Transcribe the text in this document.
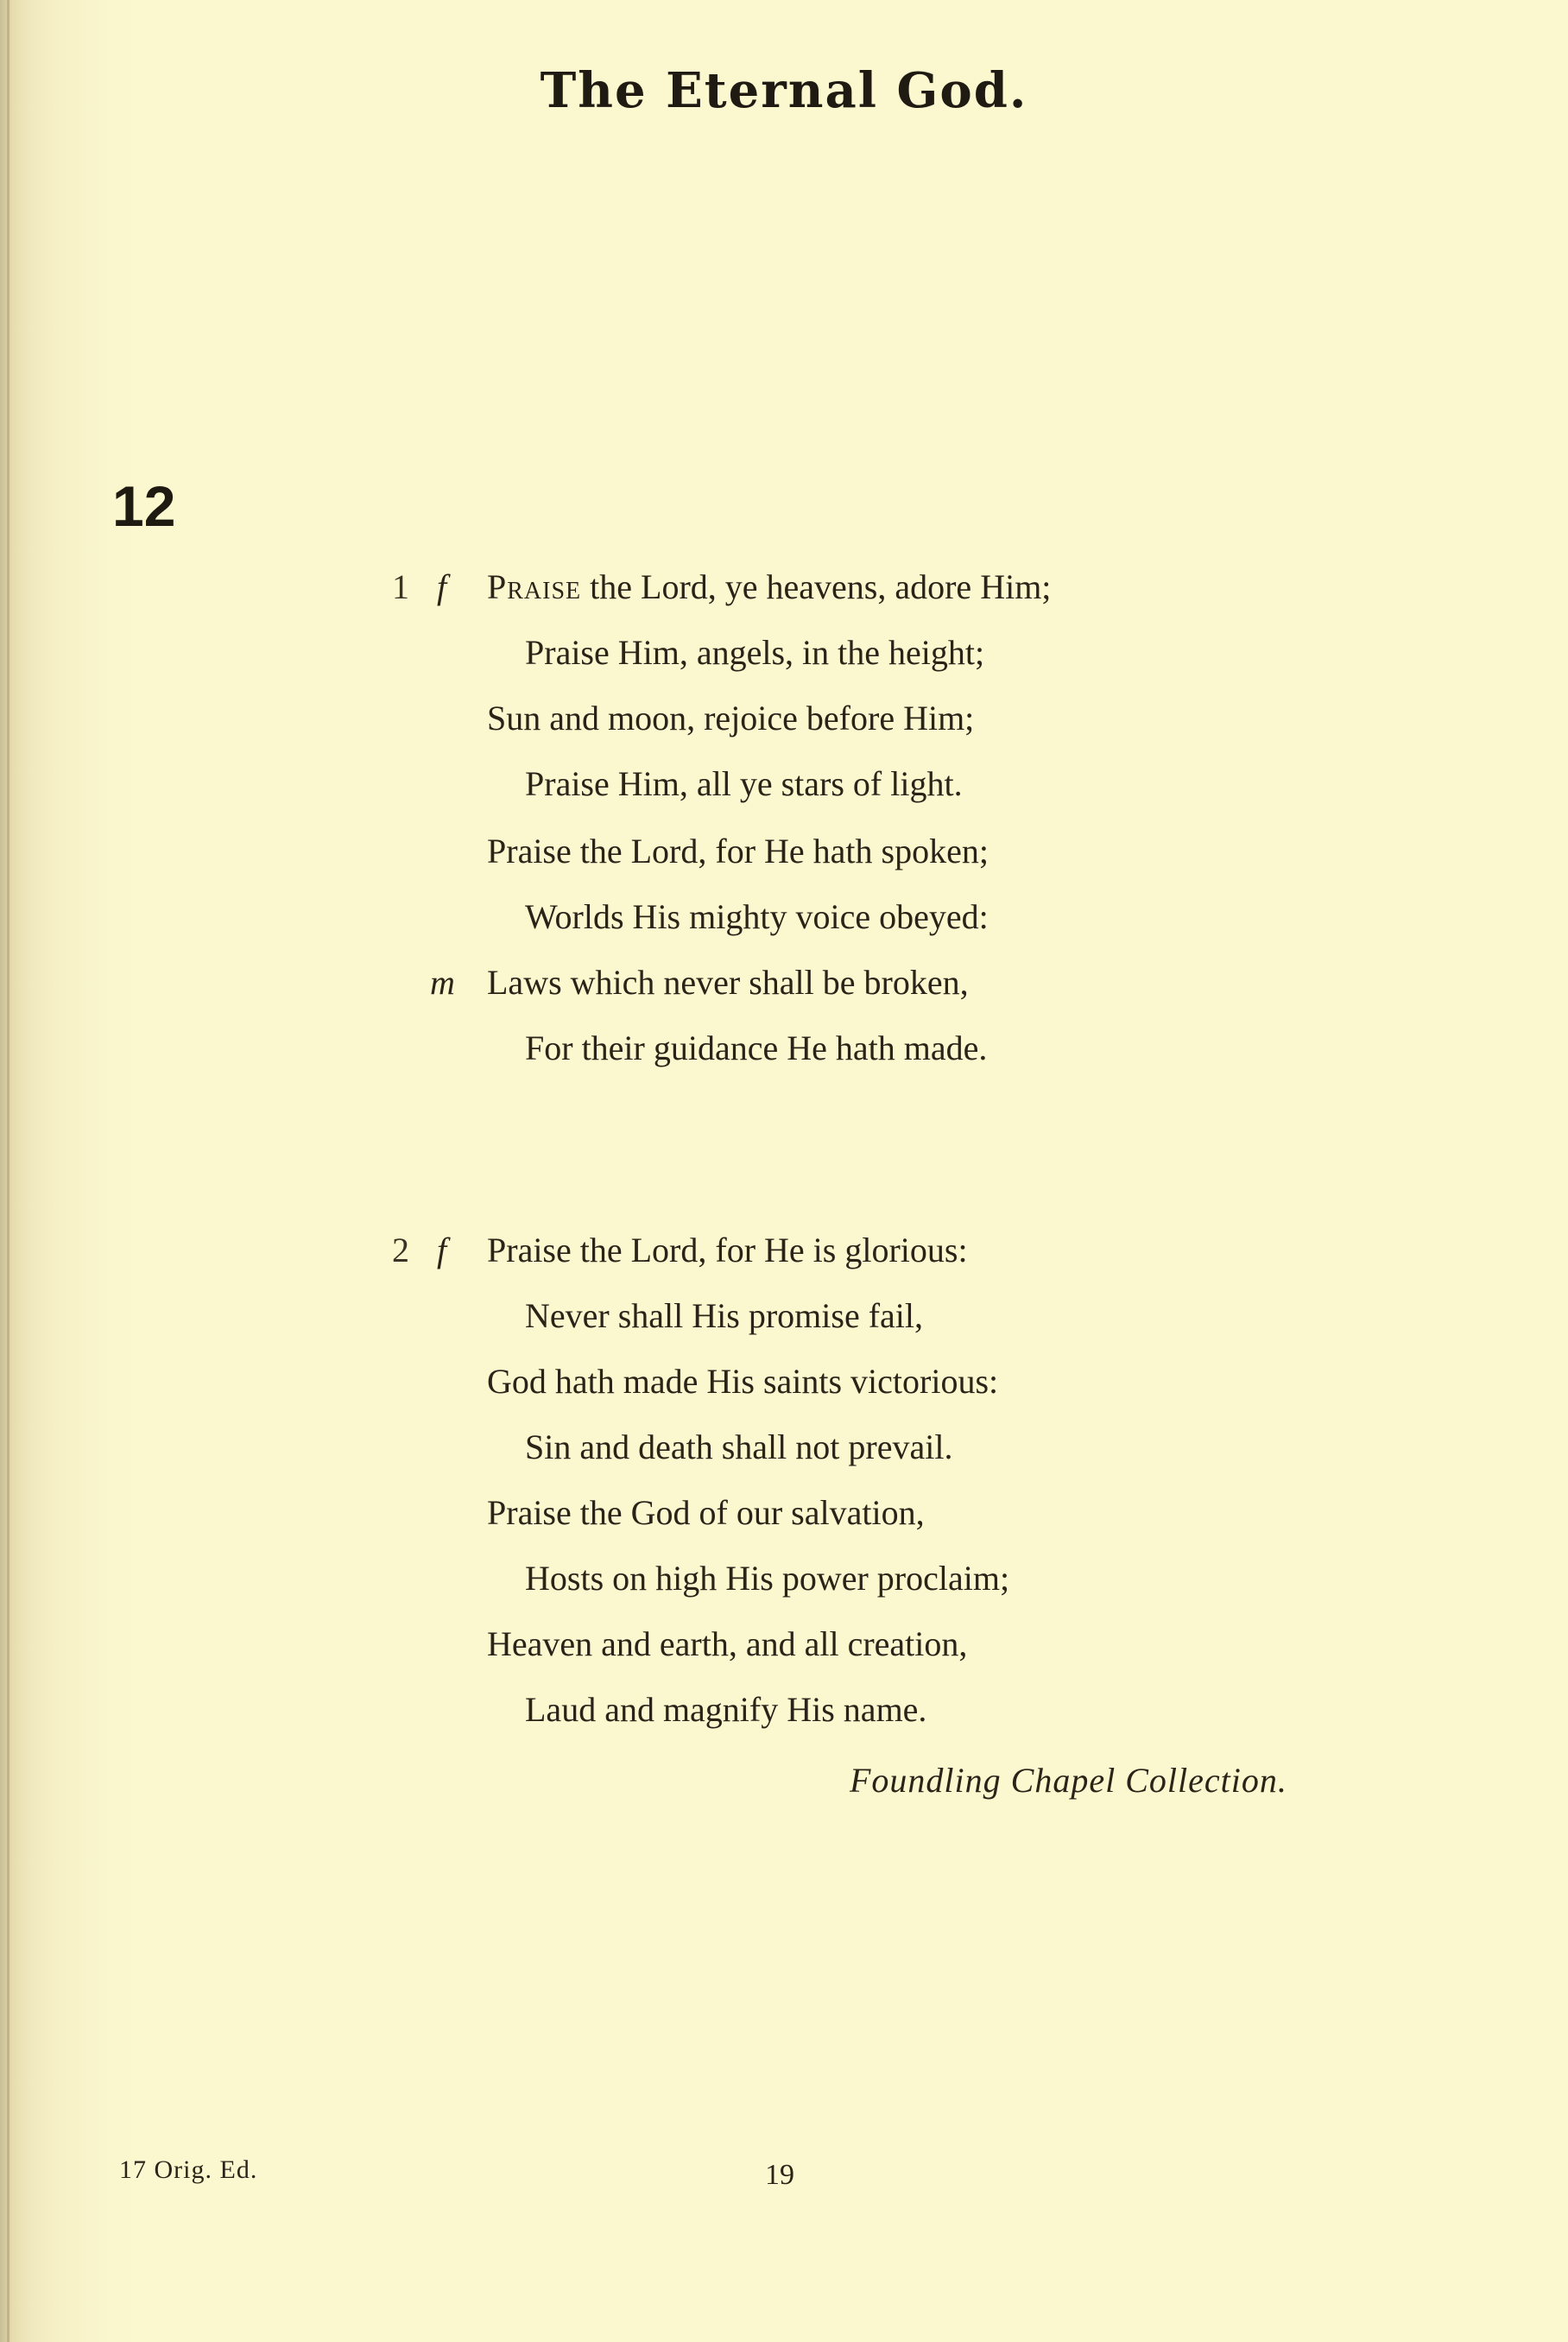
The Eternal God.
12
1 f Praise the Lord, ye heavens, adore Him;
Praise Him, angels, in the height;
Sun and moon, rejoice before Him;
Praise Him, all ye stars of light.
Praise the Lord, for He hath spoken;
Worlds His mighty voice obeyed:
m Laws which never shall be broken,
For their guidance He hath made.
2 f Praise the Lord, for He is glorious:
Never shall His promise fail,
God hath made His saints victorious:
Sin and death shall not prevail.
Praise the God of our salvation,
Hosts on high His power proclaim;
Heaven and earth, and all creation,
Laud and magnify His name.
Foundling Chapel Collection.
17 Orig. Ed.	19
